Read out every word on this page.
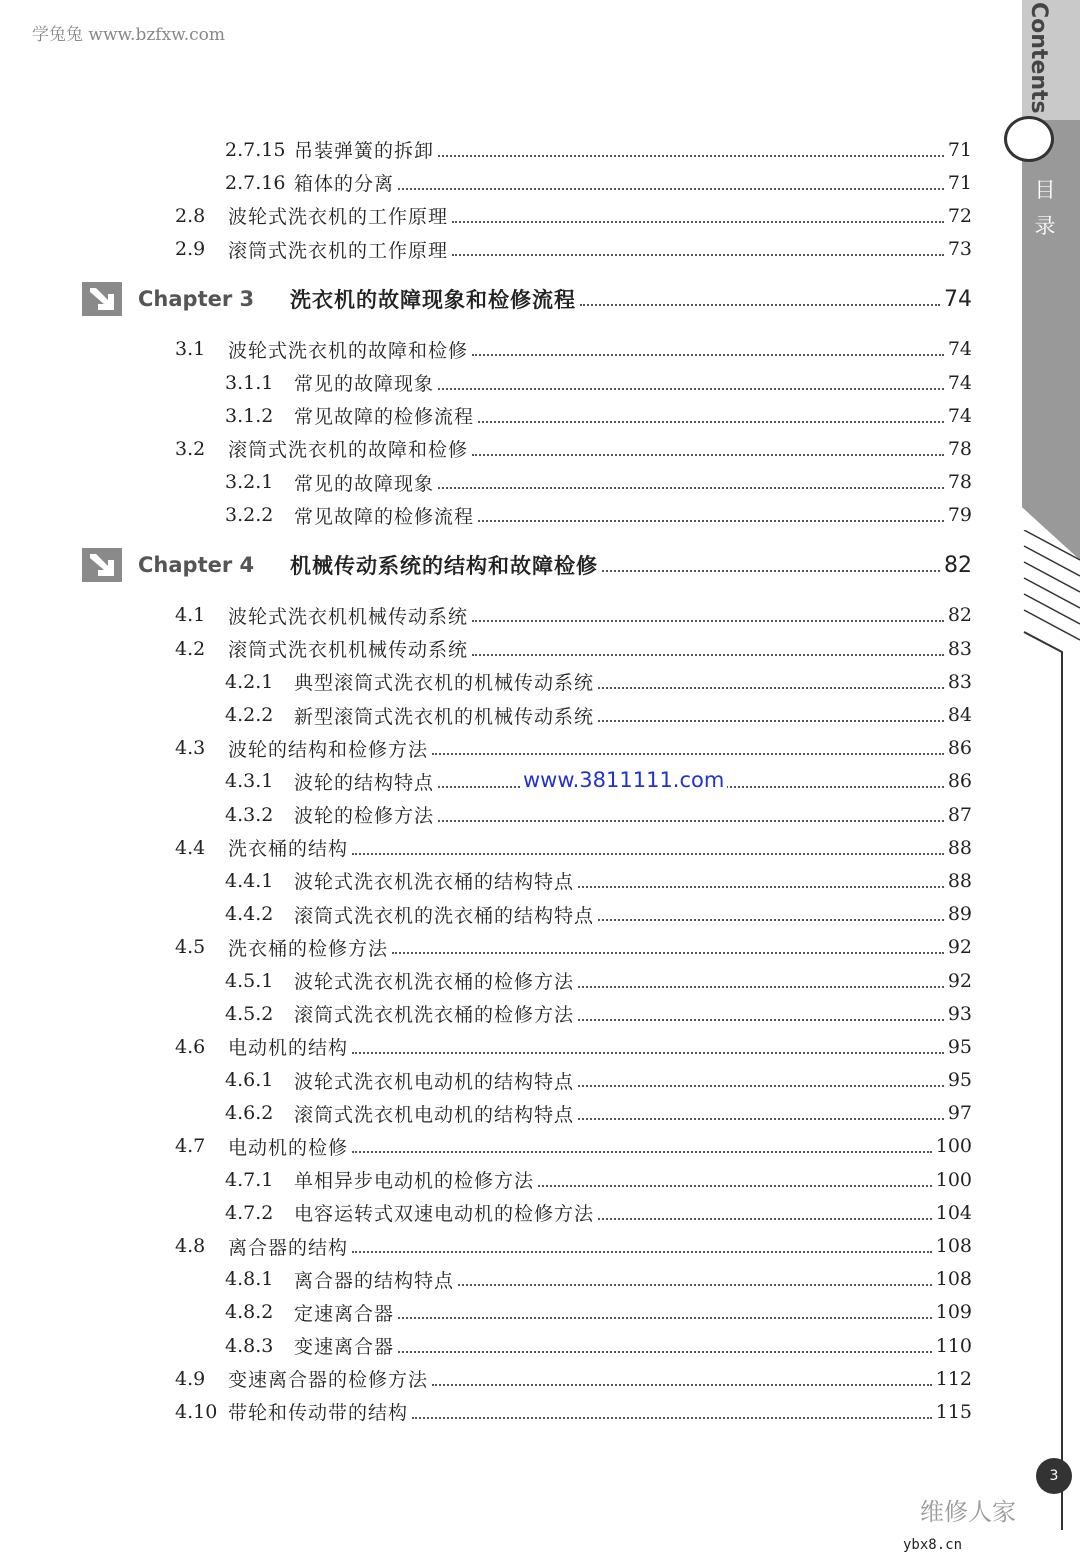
学兔兔 www.bzfxw.com	Contents
目
录
2.7.15 吊装弹簧的拆卸	71
2.7.16 箱体的分离	71
2.8 波轮式洗衣机的工作原理	72
2.9 滚筒式洗衣机的工作原理	73
Chapter 3 洗衣机的故障现象和检修流程	74
3.1 波轮式洗衣机的故障和检修	74
3.1.1 常见的故障现象	74
3.1.2 常见故障的检修流程	74
3.2 滚筒式洗衣机的故障和检修	78
3.2.1 常见的故障现象	78
3.2.2 常见故障的检修流程	79
Chapter 4 机械传动系统的结构和故障检修	82
4.1 波轮式洗衣机机械传动系统	82
4.2 滚筒式洗衣机机械传动系统	83
4.2.1 典型滚筒式洗衣机的机械传动系统	83
4.2.2 新型滚筒式洗衣机的机械传动系统	84
4.3 波轮的结构和检修方法	86
4.3.1 波轮的结构特点	86
4.3.2 波轮的检修方法	87
4.4 洗衣桶的结构	88
4.4.1 波轮式洗衣机洗衣桶的结构特点	88
4.4.2 滚筒式洗衣机的洗衣桶的结构特点	89
4.5 洗衣桶的检修方法	92
4.5.1 波轮式洗衣机洗衣桶的检修方法	92
4.5.2 滚筒式洗衣机洗衣桶的检修方法	93
4.6 电动机的结构	95
4.6.1 波轮式洗衣机电动机的结构特点	95
4.6.2 滚筒式洗衣机电动机的结构特点	97
4.7 电动机的检修	100
4.7.1 单相异步电动机的检修方法	100
4.7.2 电容运转式双速电动机的检修方法	104
4.8 离合器的结构	108
4.8.1 离合器的结构特点	108
4.8.2 定速离合器	109
4.8.3 变速离合器	110
4.9 变速离合器的检修方法	112
4.10 带轮和传动带的结构	115
www.3811111.com
3
维修人家
ybx8.cn
